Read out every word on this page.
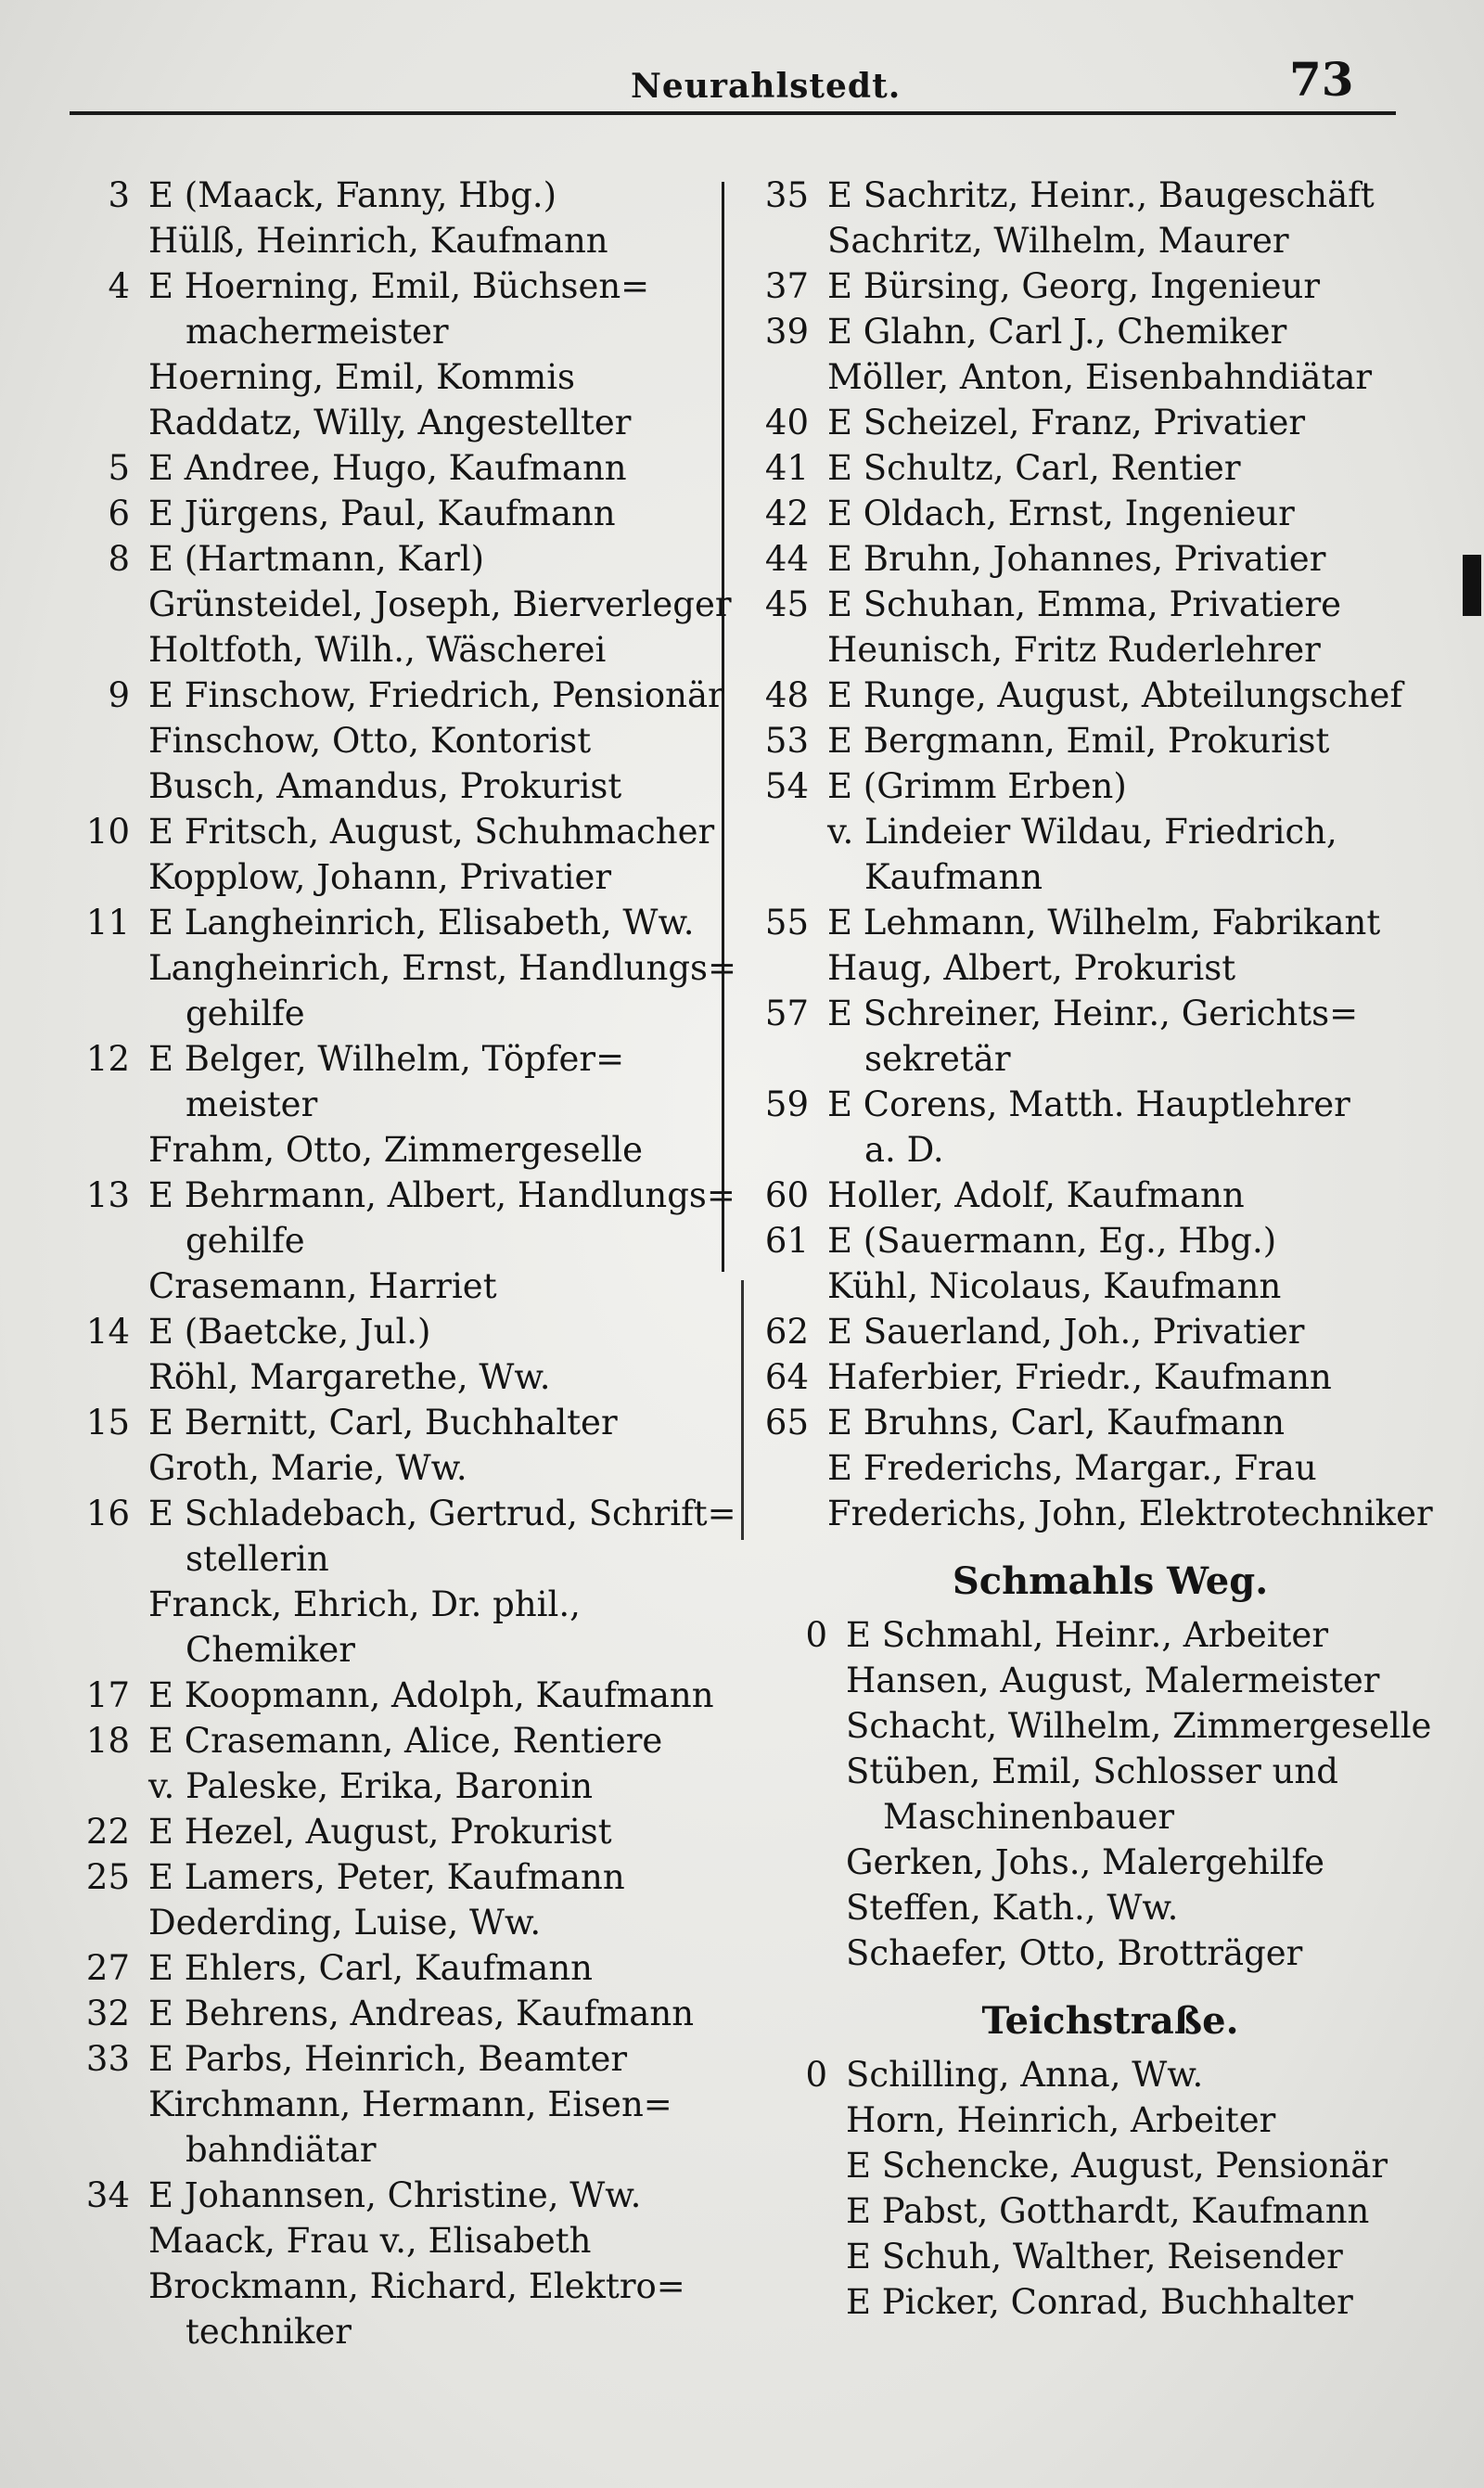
Neurahlstedt.	73
3 E (Maack, Fanny, Hbg.)
Hülß, Heinrich, Kaufmann
4 E Hoerning, Emil, Büchsen=
machermeister
Hoerning, Emil, Kommis
Raddatz, Willy, Angestellter
5 E Andree, Hugo, Kaufmann
6 E Jürgens, Paul, Kaufmann
8 E (Hartmann, Karl)
Grünsteidel, Joseph, Bierverleger
Holtfoth, Wilh., Wäscherei
9 E Finschow, Friedrich, Pensionär
Finschow, Otto, Kontorist
Busch, Amandus, Prokurist
10 E Fritsch, August, Schuhmacher
Kopplow, Johann, Privatier
11 E Langheinrich, Elisabeth, Ww.
Langheinrich, Ernst, Handlungs=
gehilfe
12 E Belger, Wilhelm, Töpfer=
meister
Frahm, Otto, Zimmergeselle
13 E Behrmann, Albert, Handlungs=
gehilfe
Crasemann, Harriet
14 E (Baetcke, Jul.)
Röhl, Margarethe, Ww.
15 E Bernitt, Carl, Buchhalter
Groth, Marie, Ww.
16 E Schladebach, Gertrud, Schrift=
stellerin
Franck, Ehrich, Dr. phil.,
Chemiker
17 E Koopmann, Adolph, Kaufmann
18 E Crasemann, Alice, Rentiere
v. Paleske, Erika, Baronin
22 E Hezel, August, Prokurist
25 E Lamers, Peter, Kaufmann
Dederding, Luise, Ww.
27 E Ehlers, Carl, Kaufmann
32 E Behrens, Andreas, Kaufmann
33 E Parbs, Heinrich, Beamter
Kirchmann, Hermann, Eisen=
bahndiätar
34 E Johannsen, Christine, Ww.
Maack, Frau v., Elisabeth
Brockmann, Richard, Elektro=
techniker
35 E Sachritz, Heinr., Baugeschäft
Sachritz, Wilhelm, Maurer
37 E Bürsing, Georg, Ingenieur
39 E Glahn, Carl J., Chemiker
Möller, Anton, Eisenbahndiätar
40 E Scheizel, Franz, Privatier
41 E Schultz, Carl, Rentier
42 E Oldach, Ernst, Ingenieur
44 E Bruhn, Johannes, Privatier
45 E Schuhan, Emma, Privatiere
Heunisch, Fritz Ruderlehrer
48 E Runge, August, Abteilungschef
53 E Bergmann, Emil, Prokurist
54 E (Grimm Erben)
v. Lindeier Wildau, Friedrich,
Kaufmann
55 E Lehmann, Wilhelm, Fabrikant
Haug, Albert, Prokurist
57 E Schreiner, Heinr., Gerichts=
sekretär
59 E Corens, Matth. Hauptlehrer
a. D.
60 Holler, Adolf, Kaufmann
61 E (Sauermann, Eg., Hbg.)
Kühl, Nicolaus, Kaufmann
62 E Sauerland, Joh., Privatier
64 Haferbier, Friedr., Kaufmann
65 E Bruhns, Carl, Kaufmann
E Frederichs, Margar., Frau
Frederichs, John, Elektrotechniker
Schmahls Weg.
0 E Schmahl, Heinr., Arbeiter
Hansen, August, Malermeister
Schacht, Wilhelm, Zimmergeselle
Stüben, Emil, Schlosser und
Maschinenbauer
Gerken, Johs., Malergehilfe
Steffen, Kath., Ww.
Schaefer, Otto, Brotträger
Teichstraße.
0 Schilling, Anna, Ww.
Horn, Heinrich, Arbeiter
E Schencke, August, Pensionär
E Pabst, Gotthardt, Kaufmann
E Schuh, Walther, Reisender
E Picker, Conrad, Buchhalter
